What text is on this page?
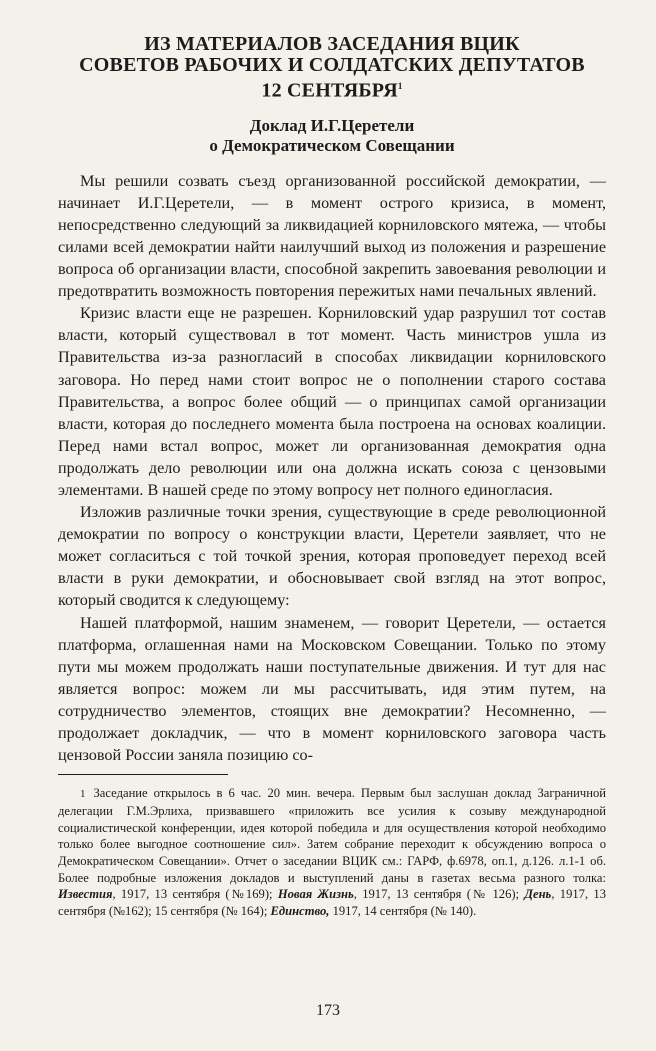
ИЗ МАТЕРИАЛОВ ЗАСЕДАНИЯ ВЦИК
СОВЕТОВ РАБОЧИХ И СОЛДАТСКИХ ДЕПУТАТОВ
12 СЕНТЯБРЯ$^1$
Доклад И.Г.Церетели
о Демократическом Совещании

Мы решили созвать съезд организованной российской демократии, — начинает И.Г.Церетели, — в момент острого кризиса, в момент, непосредственно следующий за ликвидацией корниловского мятежа, — чтобы силами всей демократии найти наилучший выход из положения и разрешение вопроса об организации власти, способной закрепить завоевания революции и предотвратить возможность повторения пережитых нами печальных явлений.

Кризис власти еще не разрешен. Корниловский удар разрушил тот состав власти, который существовал в тот момент. Часть министров ушла из Правительства из-за разногласий в способах ликвидации корниловского заговора. Но перед нами стоит вопрос не о пополнении старого состава Правительства, а вопрос более общий — о принципах самой организации власти, которая до последнего момента была построена на основах коалиции. Перед нами встал вопрос, может ли организованная демократия одна продолжать дело революции или она должна искать союза с цензовыми элементами. В нашей среде по этому вопросу нет полного единогласия.

Изложив различные точки зрения, существующие в среде революционной демократии по вопросу о конструкции власти, Церетели заявляет, что не может согласиться с той точкой зрения, которая проповедует переход всей власти в руки демократии, и обосновывает свой взгляд на этот вопрос, который сводится к следующему:

Нашей платформой, нашим знаменем, — говорит Церетели, — остается платформа, оглашенная нами на Московском Совещании. Только по этому пути мы можем продолжать наши поступательные движения. И тут для нас является вопрос: можем ли мы рассчитывать, идя этим путем, на сотрудничество элементов, стоящих вне демократии? Несомненно, — продолжает докладчик, — что в момент корниловского заговора часть цензовой России заняла позицию со-

1 Заседание открылось в 6 час. 20 мин. вечера. Первым был заслушан доклад Заграничной делегации Г.М.Эрлиха, призвавшего «приложить все усилия к созыву международной социалистической конференции, идея которой победила и для осуществления которой необходимо только более выгодное соотношение сил». Затем собрание переходит к обсуждению вопроса о Демократическом Совещании». Отчет о заседании ВЦИК см.: ГАРФ, ф.6978, оп.1, д.126. л.1-1 об. Более подробные изложения докладов и выступлений даны в газетах весьма разного толка: Известия, 1917, 13 сентября (№169); Новая Жизнь, 1917, 13 сентября (№ 126); День, 1917, 13 сентября (№162); 15 сентября (№ 164); Единство, 1917, 14 сентября (№ 140).

173
